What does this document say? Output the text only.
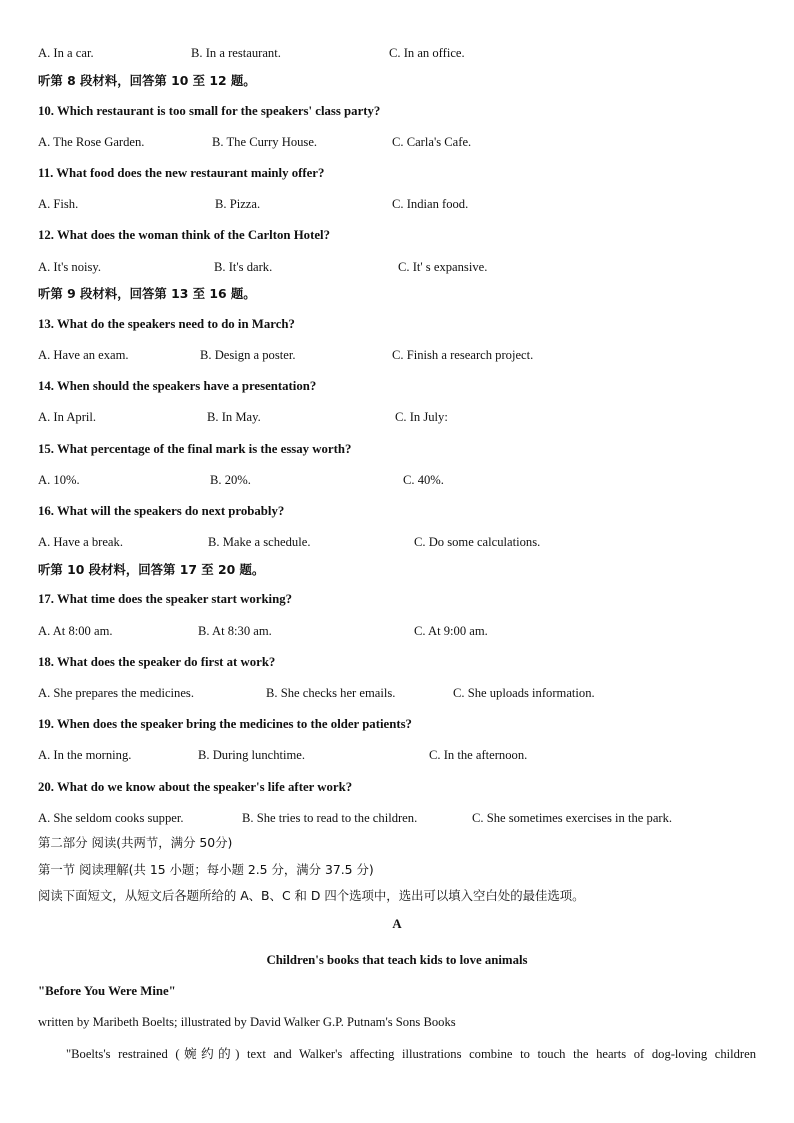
A. In a car.	B. In a restaurant.	C. In an office.
听第 8 段材料，回答第 10 至 12 题。
10. Which restaurant is too small for the speakers' class party?
A. The Rose Garden.	B. The Curry House.	C. Carla's Cafe.
11. What food does the new restaurant mainly offer?
A. Fish.	B. Pizza.	C. Indian food.
12. What does the woman think of the Carlton Hotel?
A. It's noisy.	B. It's dark.	C. It' s expansive.
听第 9 段材料，回答第 13 至 16 题。
13. What do the speakers need to do in March?
A. Have an exam.	B. Design a poster.	C. Finish a research project.
14. When should the speakers have a presentation?
A. In April.	B. In May.	C. In July:
15. What percentage of the final mark is the essay worth?
A. 10%.	B. 20%.	C. 40%.
16. What will the speakers do next probably?
A. Have a break.	B. Make a schedule.	C. Do some calculations.
听第 10 段材料，回答第 17 至 20 题。
17. What time does the speaker start working?
A. At 8:00 am.	B. At 8:30 am.	C. At 9:00 am.
18. What does the speaker do first at work?
A. She prepares the medicines.	B. She checks her emails.	C. She uploads information.
19. When does the speaker bring the medicines to the older patients?
A. In the morning.	B. During lunchtime.	C. In the afternoon.
20. What do we know about the speaker's life after work?
A. She seldom cooks supper.	B. She tries to read to the children.	C. She sometimes exercises in the park.
第二部分 阅读(共两节，满分 50分)
第一节 阅读理解(共 15 小题；每小题 2.5 分，满分 37.5 分)
阅读下面短文，从短文后各题所给的 A、B、C 和 D 四个选项中，选出可以填入空白处的最佳选项。
A
Children's books that teach kids to love animals
"Before You Were Mine"
written by Maribeth Boelts; illustrated by David Walker G.P. Putnam's Sons Books
"Boelts's restrained (婉约的) text and Walker's affecting illustrations combine to touch the hearts of dog-loving children
